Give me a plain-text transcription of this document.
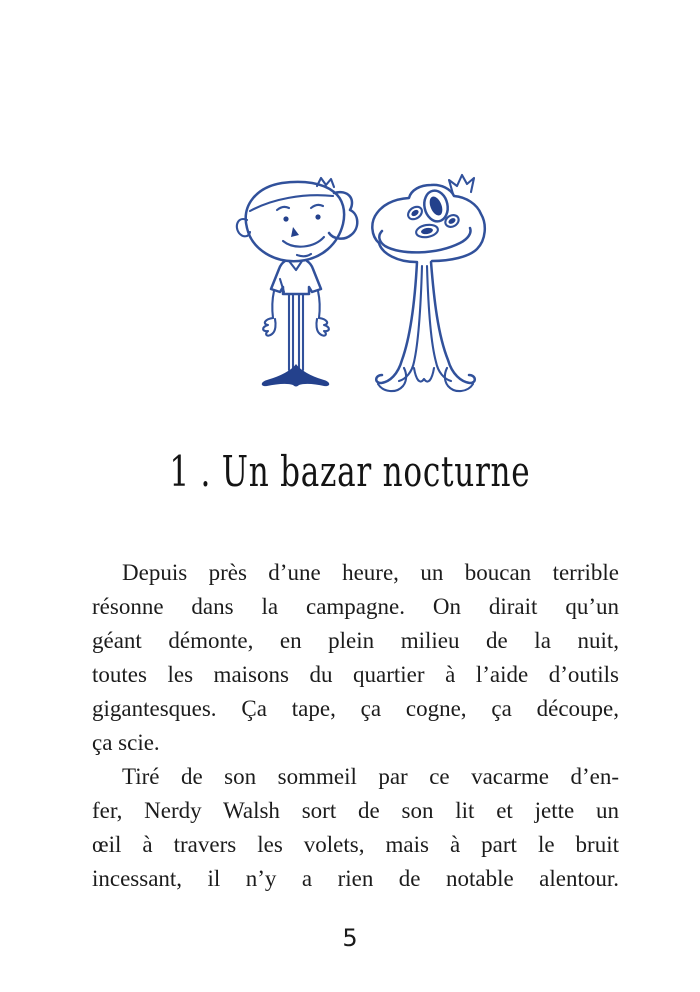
1 . Un bazar nocturne
Depuis près d’une heure, un boucan terrible
résonne dans la campagne. On dirait qu’un
géant démonte, en plein milieu de la nuit,
toutes les maisons du quartier à l’aide d’outils
gigantesques. Ça tape, ça cogne, ça découpe,
ça scie.
Tiré de son sommeil par ce vacarme d’en-
fer, Nerdy Walsh sort de son lit et jette un
œil à travers les volets, mais à part le bruit
incessant, il n’y a rien de notable alentour.
5
